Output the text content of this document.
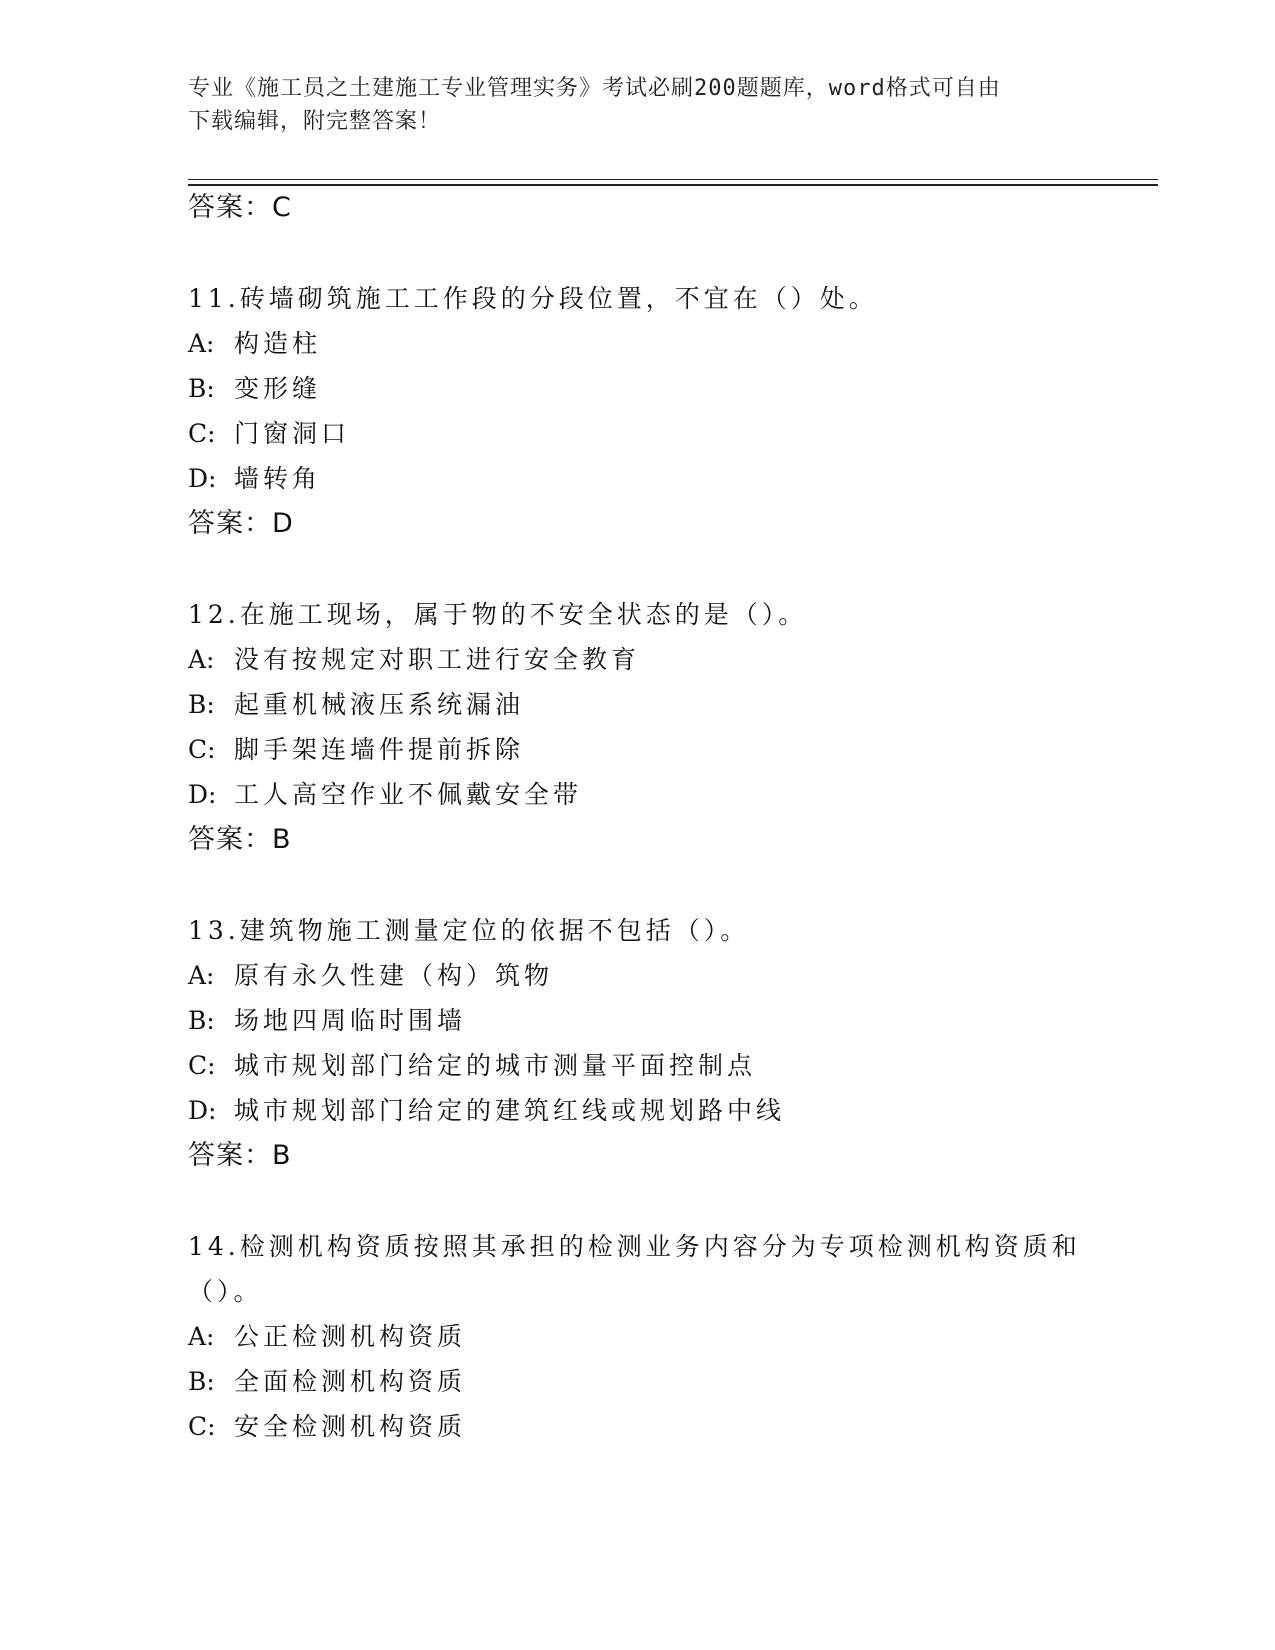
专业《施工员之土建施工专业管理实务》考试必刷200题题库，word格式可自由
下载编辑，附完整答案！
答案：C
11.砖墙砌筑施工工作段的分段位置，不宜在（）处。
A: 构造柱
B: 变形缝
C: 门窗洞口
D: 墙转角
答案：D
12.在施工现场，属于物的不安全状态的是（）。
A: 没有按规定对职工进行安全教育
B: 起重机械液压系统漏油
C: 脚手架连墙件提前拆除
D: 工人高空作业不佩戴安全带
答案：B
13.建筑物施工测量定位的依据不包括（）。
A: 原有永久性建（构）筑物
B: 场地四周临时围墙
C: 城市规划部门给定的城市测量平面控制点
D: 城市规划部门给定的建筑红线或规划路中线
答案：B
14.检测机构资质按照其承担的检测业务内容分为专项检测机构资质和
（）。
A: 公正检测机构资质
B: 全面检测机构资质
C: 安全检测机构资质
